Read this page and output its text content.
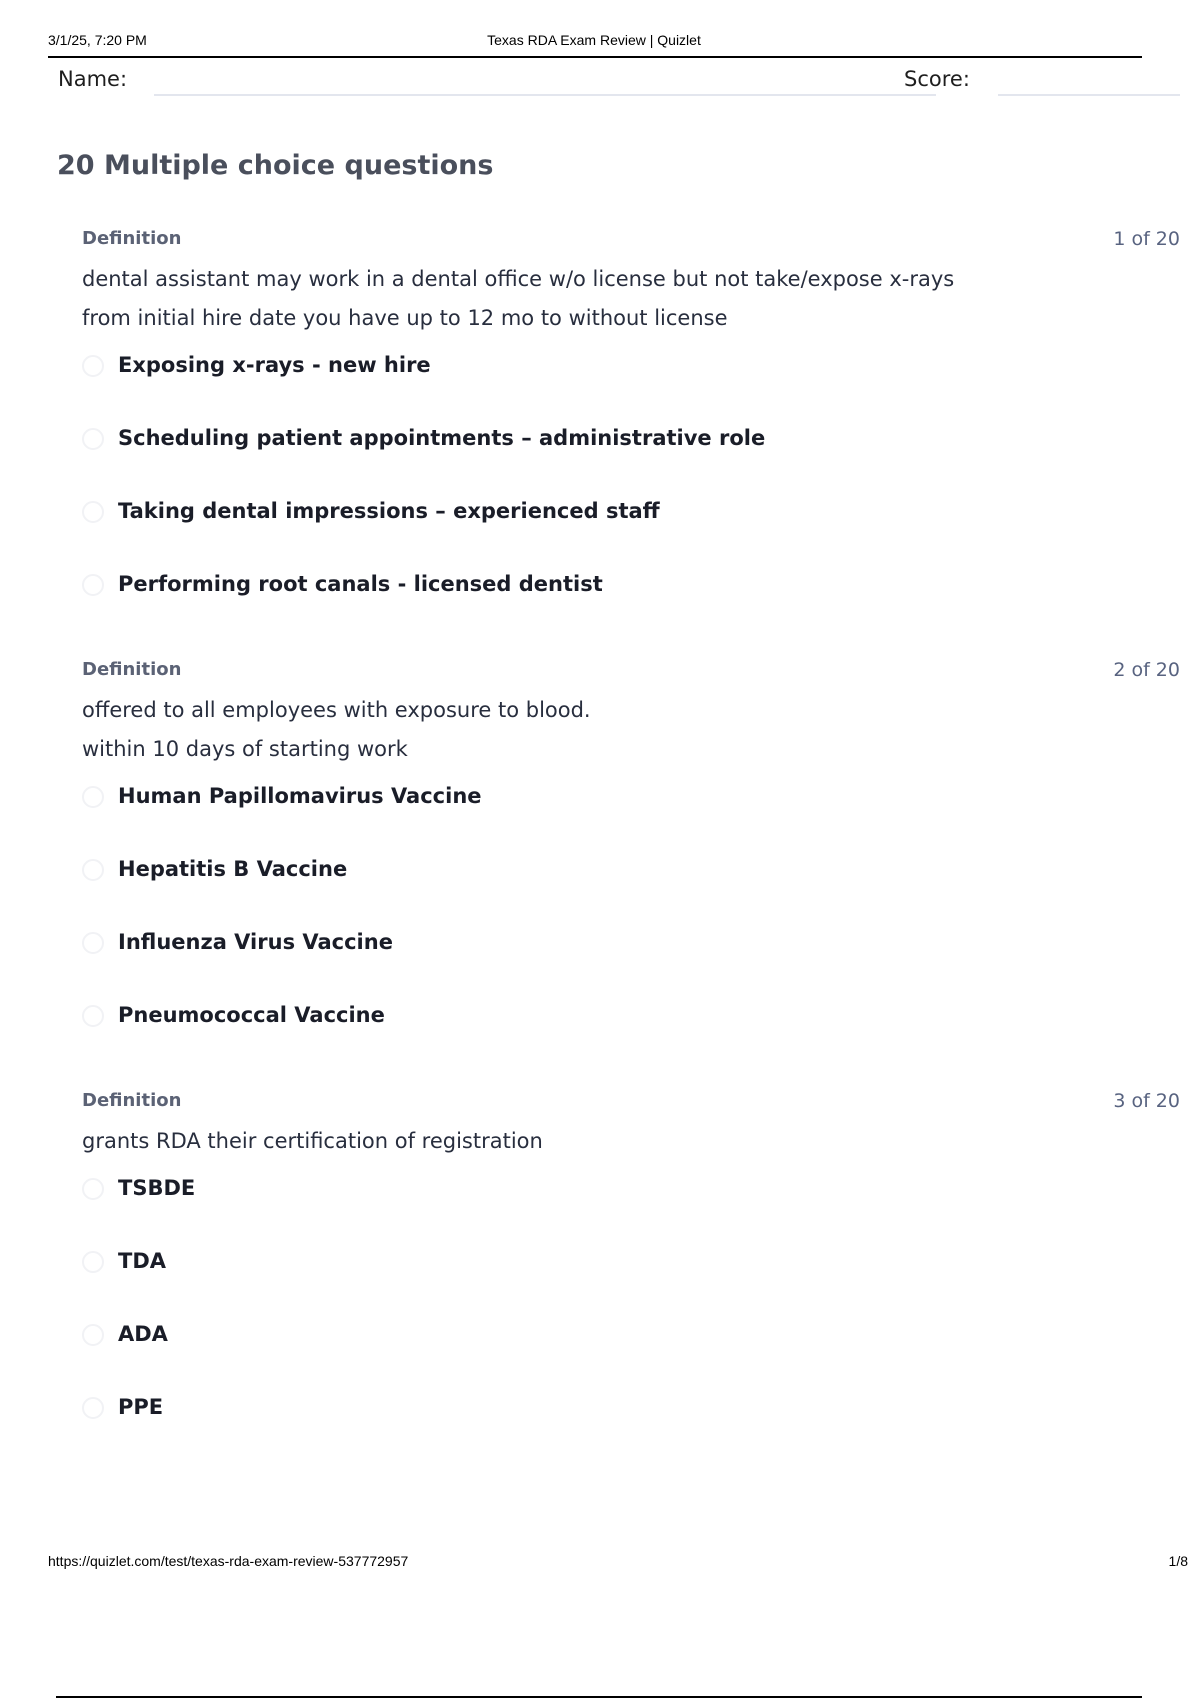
3/1/25, 7:20 PM	Texas RDA Exam Review | Quizlet
Name:	Score:
20 Multiple choice questions
Definition	1 of 20
dental assistant may work in a dental office w/o license but not take/expose x-rays
from initial hire date you have up to 12 mo to without license
Exposing x-rays - new hire
Scheduling patient appointments – administrative role
Taking dental impressions – experienced staff
Performing root canals - licensed dentist
Definition	2 of 20
offered to all employees with exposure to blood.
within 10 days of starting work
Human Papillomavirus Vaccine
Hepatitis B Vaccine
Influenza Virus Vaccine
Pneumococcal Vaccine
Definition	3 of 20
grants RDA their certification of registration
TSBDE
TDA
ADA
PPE
https://quizlet.com/test/texas-rda-exam-review-537772957	1/8
